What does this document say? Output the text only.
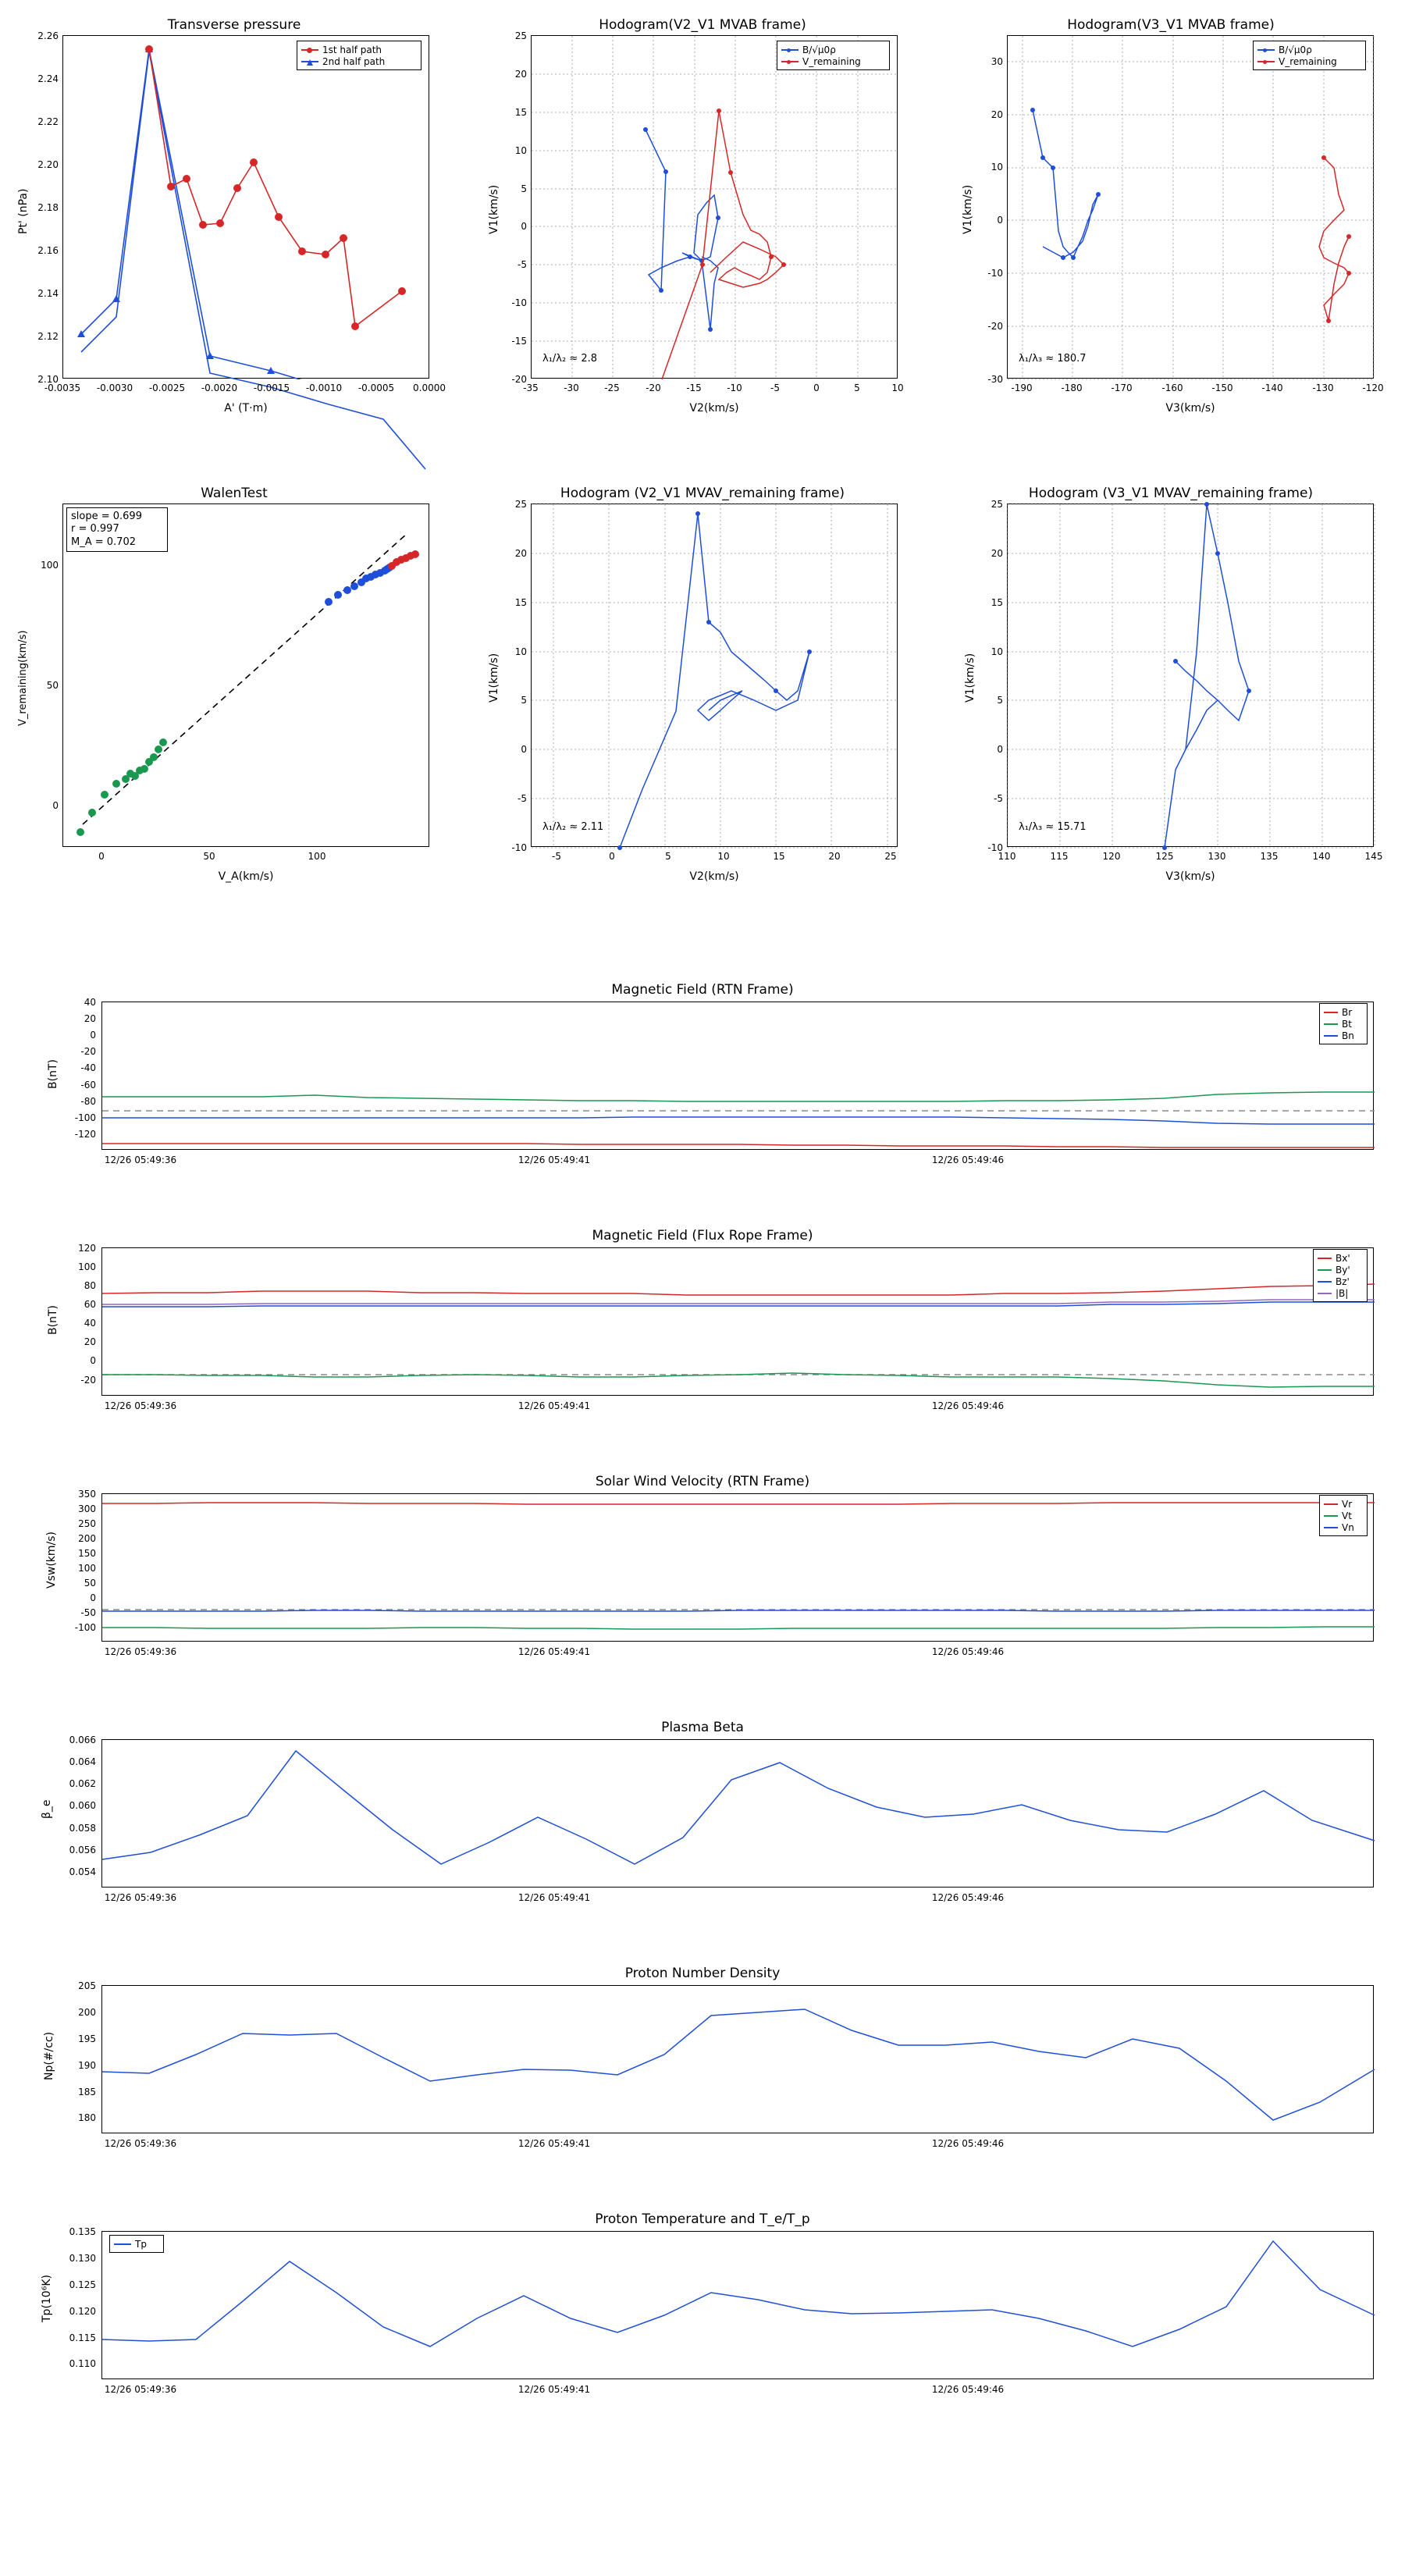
Transverse pressure
2.26
2.24
2.22
2.20
2.18
2.16
2.14
2.12
2.10
-0.0035	-0.0030	-0.0025	-0.0020	-0.0015	-0.0010	-0.0005	0.0000
A' (T·m)
Pt' (nPa)
1st half path
2nd half path
Hodogram(V2_V1 MVAB frame)
25
20
15
10
5
0
-5
-10
-15
-20
-35	-30	-25	-20	-15	-10	-5	0	5	10
V2(km/s)
V1(km/s)
λ₁/λ₂ ≈ 2.8
B/√μ0ρ
V_remaining
Hodogram(V3_V1 MVAB frame)
30
20
10
0
-10
-20
-30
-190	-180	-170	-160	-150	-140	-130	-120
V3(km/s)
V1(km/s)
λ₁/λ₃ ≈ 180.7
B/√μ0ρ
V_remaining
WalenTest
slope = 0.699
r = 0.997
M_A = 0.702
100
50
0
0	50	100
V_A(km/s)
V_remaining(km/s)
Hodogram (V2_V1 MVAV_remaining frame)
25
20
15
10
5
0
-5
-10
-5	0	5	10	15	20	25
V2(km/s)
V1(km/s)
λ₁/λ₂ ≈ 2.11
Hodogram (V3_V1 MVAV_remaining frame)
25
20
15
10
5
0
-5
-10
110	115	120	125	130	135	140	145
V3(km/s)
V1(km/s)
λ₁/λ₃ ≈ 15.71
Magnetic Field (RTN Frame)
40
20
0
-20
-40
-60
-80
-100
-120
12/26 05:49:36	12/26 05:49:41	12/26 05:49:46
B(nT)
Br
Bt
Bn
Magnetic Field (Flux Rope Frame)
120
100
80
60
40
20
0
-20
12/26 05:49:36	12/26 05:49:41	12/26 05:49:46
B(nT)
Bx'
By'
Bz'
|B|
Solar Wind Velocity (RTN Frame)
350
300
250
200
150
100
50
0
-50
-100
12/26 05:49:36	12/26 05:49:41	12/26 05:49:46
Vsw(km/s)
Vr
Vt
Vn
Plasma Beta
0.066
0.064
0.062
0.060
0.058
0.056
0.054
12/26 05:49:36	12/26 05:49:41	12/26 05:49:46
β_e
Proton Number Density
205
200
195
190
185
180
12/26 05:49:36	12/26 05:49:41	12/26 05:49:46
Np(#/cc)
Proton Temperature and T_e/T_p
0.135
0.130
0.125
0.120
0.115
0.110
12/26 05:49:36	12/26 05:49:41	12/26 05:49:46
Tp(10⁶K)
Tp
